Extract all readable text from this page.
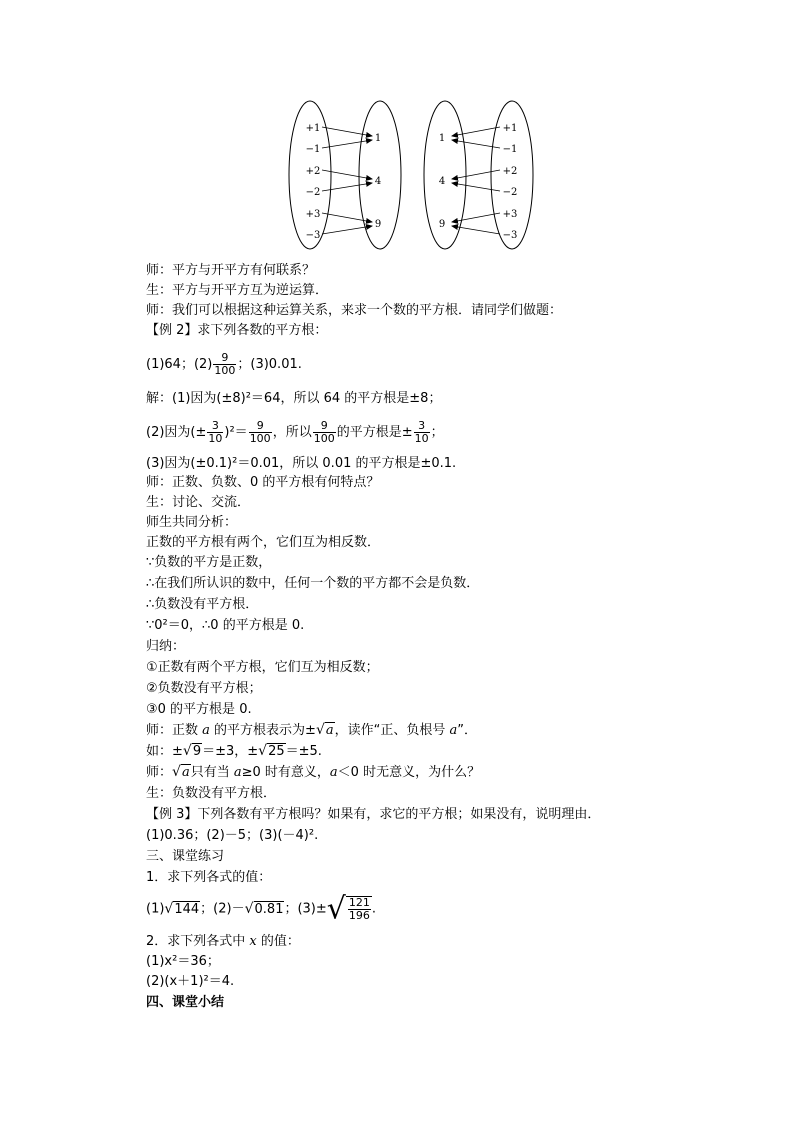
+1
−1
+2
−2
+3
−3
1
4
9
1
4
9
+1
−1
+2
−2
+3
−3
师：平方与开平方有何联系？
生：平方与开平方互为逆运算．
师：我们可以根据这种运算关系，来求一个数的平方根．请同学们做题：
【例 2】求下列各数的平方根：
(1)64；$(2) \frac{9}{100}$ ；(3)0.01.
解：(1)因为(±8)²＝64，所以 64 的平方根是±8；
(2)因为(± $\frac{3}{10} )^2= \frac{9}{100}$ ，所以 $\frac{9}{100}$ 的平方根是± $\frac{3}{10}$ ；
(3)因为(±0.1)²＝0.01，所以 0.01 的平方根是±0.1.
师：正数、负数、0 的平方根有何特点？
生：讨论、交流．
师生共同分析：
正数的平方根有两个，它们互为相反数．
∵负数的平方是正数，
∴在我们所认识的数中，任何一个数的平方都不会是负数．
∴负数没有平方根．
∵0²＝0，∴0 的平方根是 0.
归纳：
①正数有两个平方根，它们互为相反数；
②负数没有平方根；
③0 的平方根是 0.
师：正数 a 的平方根表示为±√a，读作“正、负根号 a”．
如：±√9＝±3，±√25＝±5.
师：√a只有当 a≥0 时有意义，a＜0 时无意义，为什么？
生：负数没有平方根．
【例 3】下列各数有平方根吗？如果有，求它的平方根；如果没有，说明理由．
(1)0.36；(2)－5；(3)(－4)².
三、课堂练习
1．求下列各式的值：
(1)√144；(2)－√0.81；$(3)\pm√ \frac{121}{196}$ .
2．求下列各式中 x 的值：
(1)x²＝36；
(2)(x＋1)²＝4.
四、课堂小结
